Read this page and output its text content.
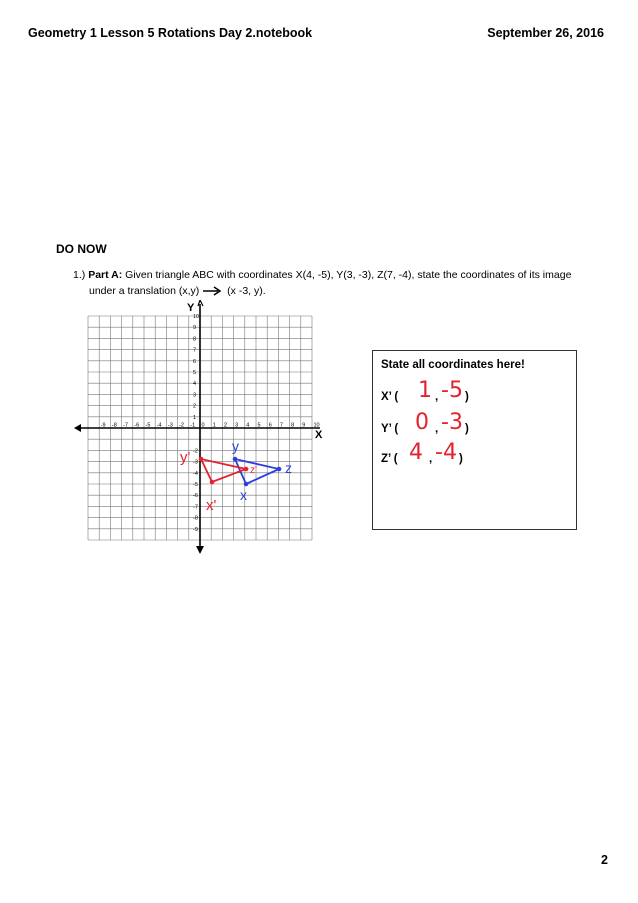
Geometry 1 Lesson 5 Rotations Day 2.notebook	September 26, 2016
DO NOW
1.) Part A: Given triangle ABC with coordinates X(4, -5), Y(3, -3), Z(7, -4), state the coordinates of its image
under a translation (x,y)	(x -3, y).
X
Y
-9 -8 -7 -6 -5 -4 -3 -2 -1 0 1 2 3 4 5 6 7 8 9 10
1
2
3
4
5
6
7
8
9
10
-2
-3
-4
-5
-6
-7
-8
-9
y
x
z
y'
x'
z'
State all coordinates here!
X’ ( 1 , -5 )
Y’ ( 0 , -3 )
Z’ ( 4 , -4 )
2
